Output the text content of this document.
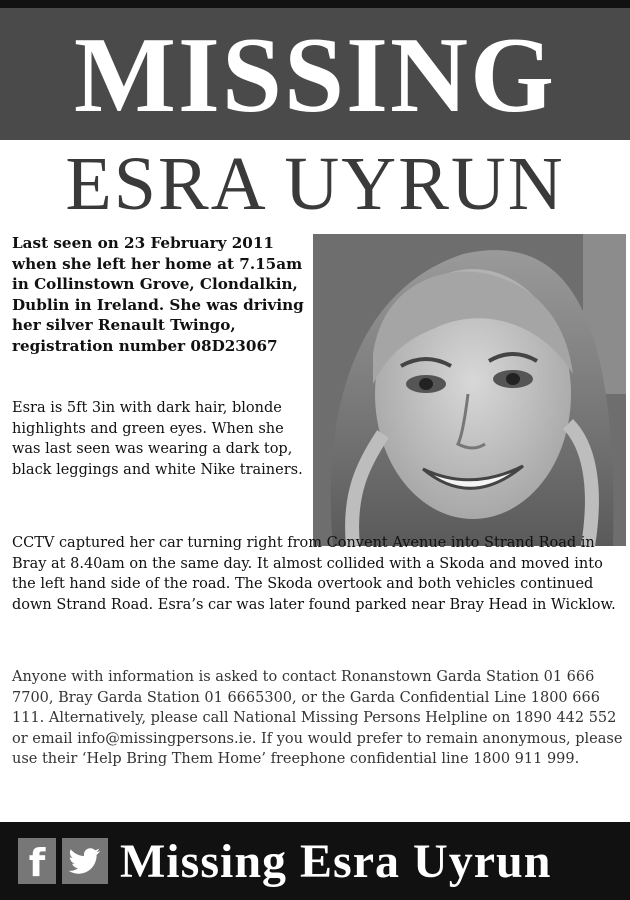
MISSING
ESRA UYRUN
Last seen on 23 February 2011 when she left her home at 7.15am in Collinstown Grove, Clondalkin, Dublin in Ireland. She was driving her silver Renault Twingo, registration number 08D23067
Esra is 5ft 3in with dark hair, blonde highlights and green eyes. When she was last seen was wearing a dark top, black leggings and white Nike trainers.
CCTV captured her car turning right from Convent Avenue into Strand Road in Bray at 8.40am on the same day. It almost collided with a Skoda and moved into the left hand side of the road. The Skoda overtook and both vehicles continued down Strand Road. Esra’s car was later found parked near Bray Head in Wicklow.
Anyone with information is asked to contact Ronanstown Garda Station 01 666 7700, Bray Garda Station 01 6665300, or the Garda Confidential Line 1800 666 111. Alternatively, please call National Missing Persons Helpline on 1890 442 552 or email info@missingpersons.ie. If you would prefer to remain anonymous, please use their ‘Help Bring Them Home’ freephone confidential line 1800 911 999.
f Missing Esra Uyrun
